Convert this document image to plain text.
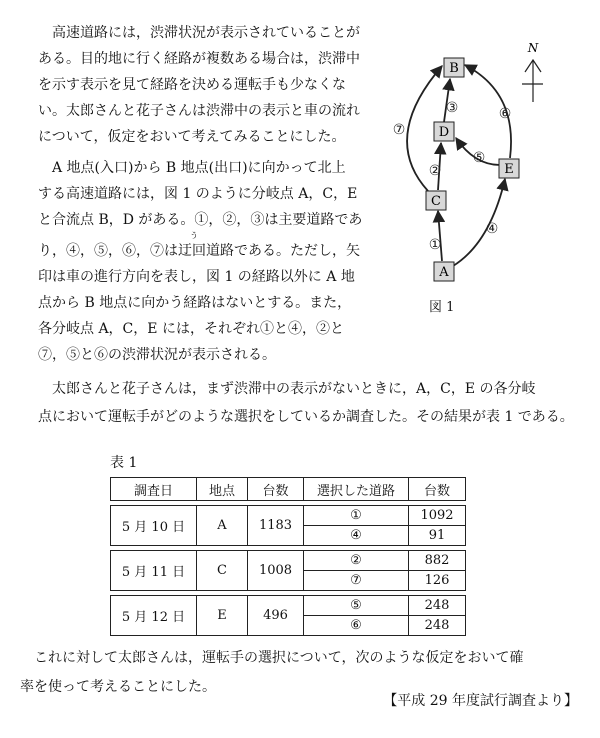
　高速道路には，渋滞状況が表示されていることが

ある。目的地に行く経路が複数ある場合は，渋滞中

を示す表示を見て経路を決める運転手も少なくな

い。太郎さんと花子さんは渋滞中の表示と車の流れ

について，仮定をおいて考えてみることにした。

　A 地点(入口)から B 地点(出口)に向かって北上

する高速道路には，図 1 のように分岐点 A，C，E

と合流点 B，D がある。①，②，③は主要道路であ

う

り，④，⑤，⑥，⑦は迂回道路である。ただし，矢

印は車の進行方向を表し，図 1 の経路以外に A 地

点から B 地点に向かう経路はないとする。また，

各分岐点 A，C，E には，それぞれ①と④，②と

⑦，⑤と⑥の渋滞状況が表示される。

B
D
C
E
A
①
②
③
④
⑤
⑥
⑦
N
図 1

　太郎さんと花子さんは，まず渋滞中の表示がないときに，A，C，E の各分岐

点において運転手がどのような選択をしているか調査した。その結果が表 1 である。

表 1
調査日	地点	台数	選択した道路	台数

5 月 10 日	A	1183	①	1092
			④	91

5 月 11 日	C	1008	②	882
			⑦	126

5 月 12 日	E	496	⑤	248
			⑥	248

　これに対して太郎さんは，運転手の選択について，次のような仮定をおいて確

率を使って考えることにした。

【平成 29 年度試行調査より】
